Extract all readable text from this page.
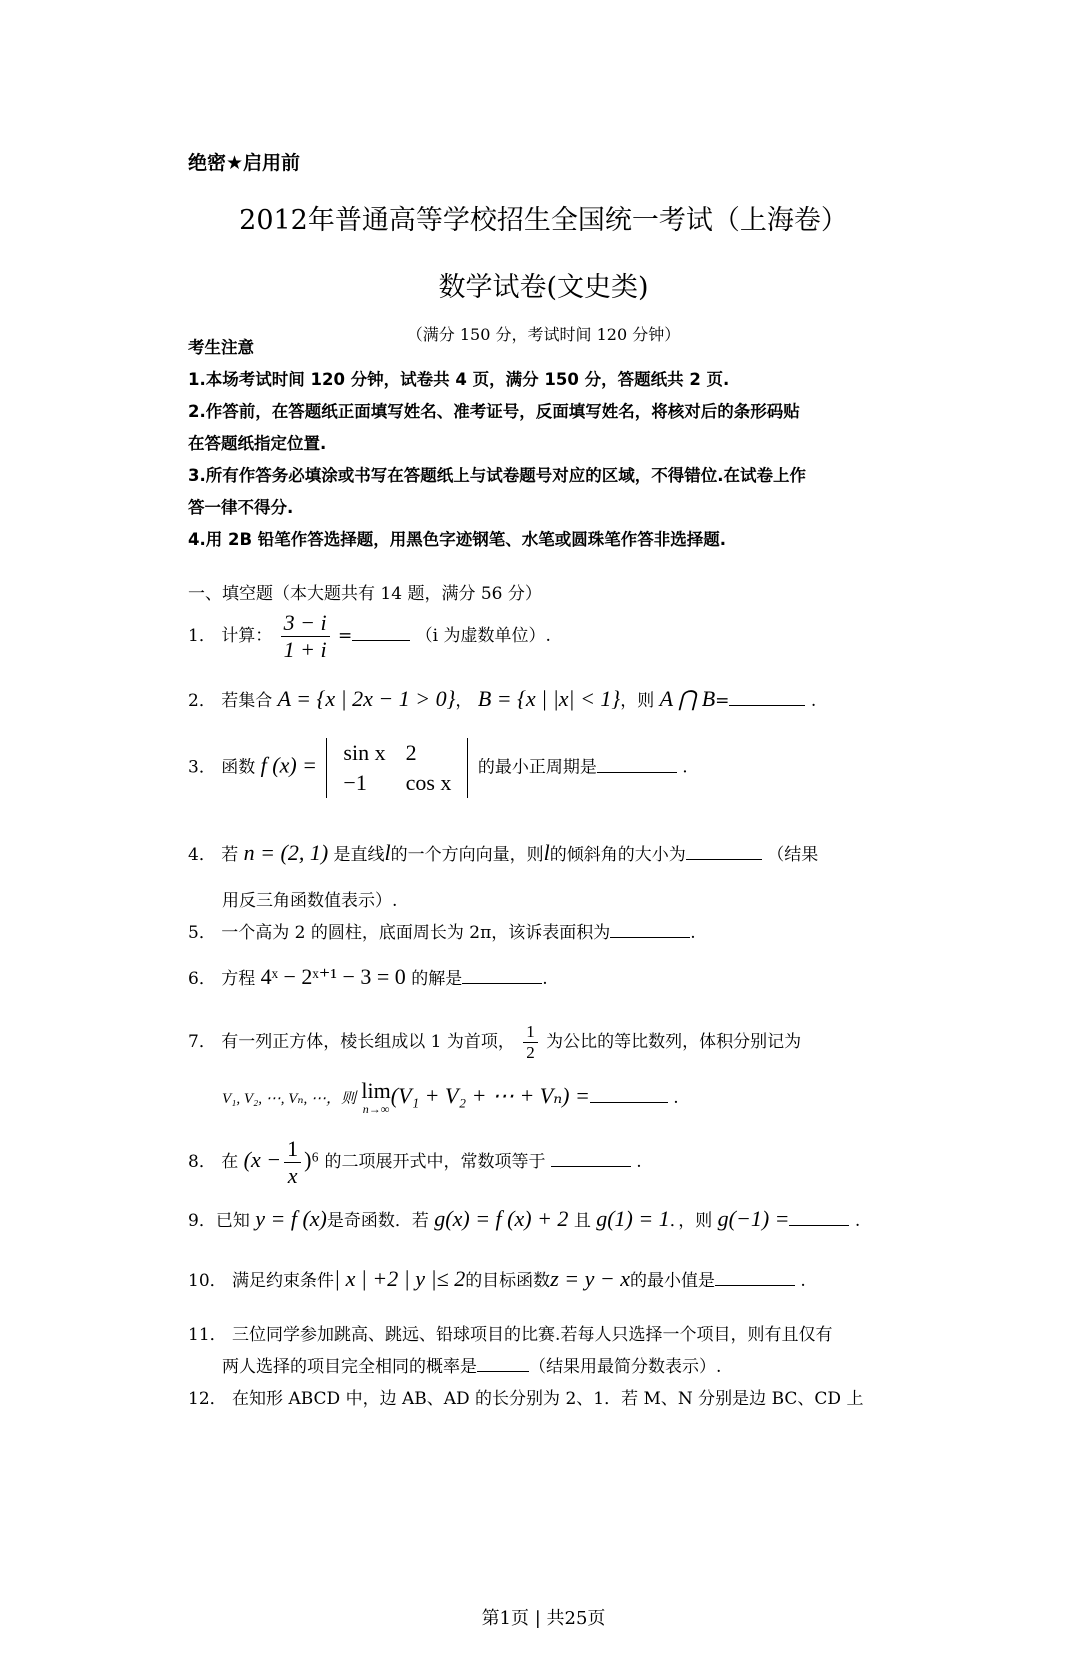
绝密★启用前
2012年普通高等学校招生全国统一考试（上海卷）
数学试卷(文史类)
（满分 150 分，考试时间 120 分钟）
考生注意
1.本场考试时间 120 分钟，试卷共 4 页，满分 150 分，答题纸共 2 页.
2.作答前，在答题纸正面填写姓名、准考证号，反面填写姓名，将核对后的条形码贴
在答题纸指定位置.
3.所有作答务必填涂或书写在答题纸上与试卷题号对应的区域，不得错位.在试卷上作
答一律不得分.
4.用 2B 铅笔作答选择题，用黑色字迹钢笔、水笔或圆珠笔作答非选择题.
一、填空题（本大题共有 14 题，满分 56 分）
1． 计算： $\frac{3 - i}{1 + i}$ =	（i 为虚数单位）.
2． 若集合 A = {x | 2x − 1 > 0}， B = {x | |x| < 1}，则 A ⋂ B=	.
3． 函数 f (x) = sin x	2
−1	cos x
的最小正周期是	.
4． 若 n = (2, 1) 是直线l的一个方向向量，则l的倾斜角的大小为	（结果
用反三角函数值表示）.
5． 一个高为 2 的圆柱，底面周长为 2π，该诉表面积为	.
6． 方程 4ˣ − 2ˣ⁺¹ − 3 = 0 的解是	.
7． 有一列正方体，棱长组成以 1 为首项， $\frac{1}{2}$ 为公比的等比数列，体积分别记为
V₁, V₂, ⋯, Vₙ, ⋯，则 lim
n→∞
(V₁ + V₂ + ⋯ + Vₙ) =	.
8． 在 $(x - \frac{1}{x} )^6$ 的二项展开式中，常数项等于	.
9．已知 y = f (x)是奇函数．若 g(x) = f (x) + 2 且 g(1) = 1．，则 g(−1) =	.
10． 满足约束条件| x | +2 | y |≤ 2的目标函数z = y − x的最小值是	.
11． 三位同学参加跳高、跳远、铅球项目的比赛.若每人只选择一个项目，则有且仅有
两人选择的项目完全相同的概率是	（结果用最简分数表示）.
12． 在知形 ABCD 中，边 AB、AD 的长分别为 2、1．若 M、N 分别是边 BC、CD 上
第1页 | 共25页
